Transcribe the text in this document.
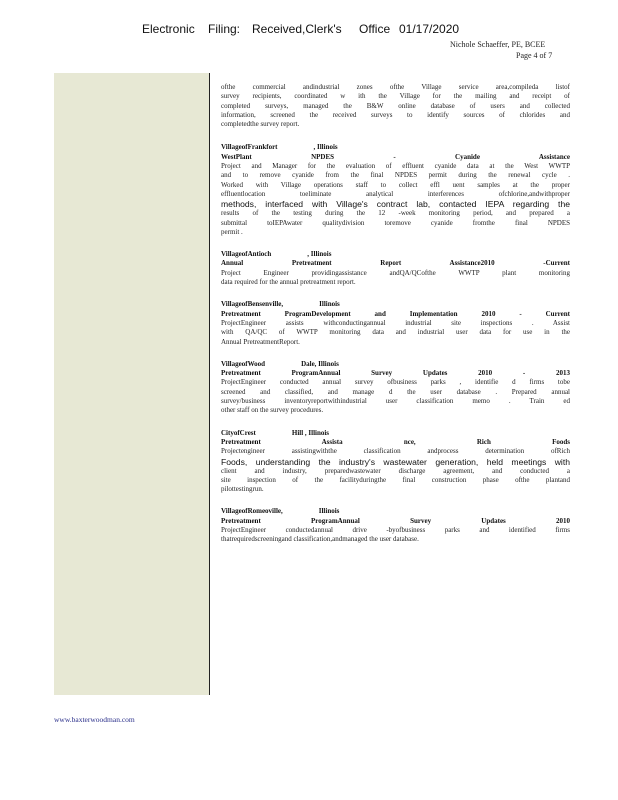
Electronic Filing: Received,Clerk's Office 01/17/2020
Nichole Schaeffer, PE, BCEE
Page 4 of 7

ofthe commercial andindustrial zones ofthe Village service area,compileda listof

survey recipients, coordinated w ith the Village for the mailing and receipt of

completed surveys, managed the B&W online database of users and collected

information, screened the received surveys to identify sources of chlorides and

completedthe survey report.

VillageofFrankfort	, Illinois

WestPlant NPDES - Cyanide Assistance

Project and Manager for the evaluation of effluent cyanide data at the West WWTP

and to remove cyanide from the final NPDES permit during the renewal cycle .

Worked with Village operations staff to collect effl uent samples at the proper

effluentlocation toeliminate analytical interferences ofchlorine,andwithproper

methods, interfaced with Village's contract lab, contacted IEPA regarding the

results of the testing during the 12 -week monitoring period, and prepared a

submittal toIEPAwater qualitydivision toremove cyanide fromthe final NPDES

permit .

VillageofAntioch	, Illinois

Annual Pretreatment Report Assistance2010 -Current

Project Engineer providingassistance andQA/QCofthe WWTP plant monitoring

data required for the annual pretreatment report.

VillageofBensenville,	Illinois

Pretreatment ProgramDevelopment and Implementation 2010 - Current

ProjectEngineer assists withconductingannual industrial site inspections . Assist

with QA/QC of WWTP monitoring data and industrial user data for use in the

Annual PretreatmentReport.

VillageofWood	Dale, Illinois

Pretreatment ProgramAnnual Survey Updates 2010 - 2013

ProjectEngineer conducted annual survey ofbusiness parks , identifie d firms tobe

screened and classified, and manage d the user database . Prepared annual

survey/business inventoryreportwithindustrial user classification memo . Train ed

other staff on the survey procedures.

CityofCrest	Hill , Illinois

Pretreatment Assista nce, Rich Foods

Projectengineer assistingwiththe classification andprocess determination ofRich

Foods, understanding the industry's wastewater generation, held meetings with

client and industry, preparedwastewater discharge agreement, and conducted a

site inspection of the facilityduringthe final construction phase ofthe plantand

pilottestingrun.

VillageofRomeoville,	Illinois

Pretreatment ProgramAnnual Survey Updates 2010

ProjectEngineer conductedannual drive -byofbusiness parks and identified firms

thatrequiredscreeningand classification,andmanaged the user database.

www.baxterwoodman.com
